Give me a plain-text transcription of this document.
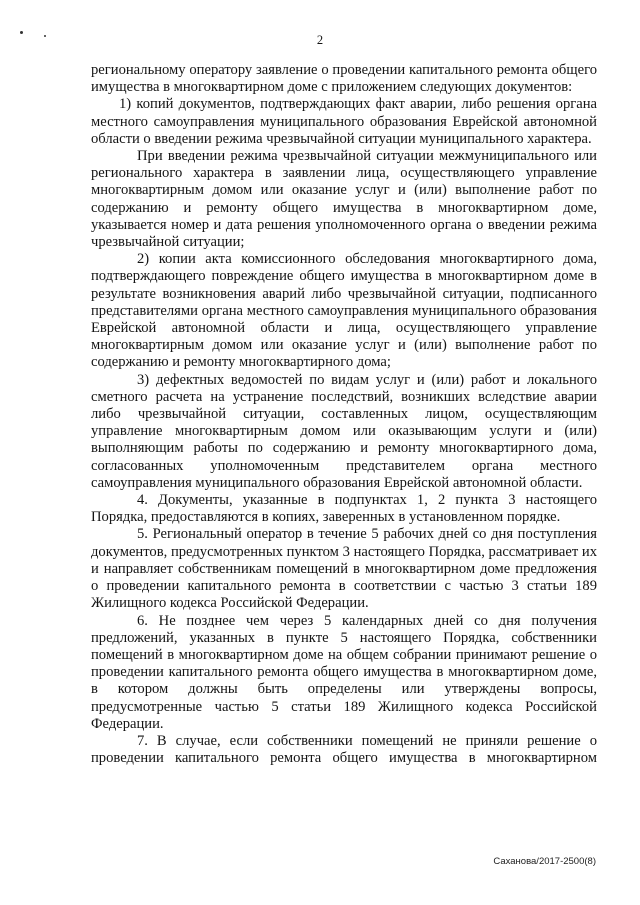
2

региональному оператору заявление о проведении капитального ремонта общего имущества в многоквартирном доме с приложением следующих документов:

1) копий документов, подтверждающих факт аварии, либо решения органа местного самоуправления муниципального образования Еврейской автономной области о введении режима чрезвычайной ситуации муниципального характера.

При введении режима чрезвычайной ситуации межмуниципального или регионального характера в заявлении лица, осуществляющего управление многоквартирным домом или оказание услуг и (или) выполнение работ по содержанию и ремонту общего имущества в многоквартирном доме, указывается номер и дата решения уполномоченного органа о введении режима чрезвычайной ситуации;

2) копии акта комиссионного обследования многоквартирного дома, подтверждающего повреждение общего имущества в многоквартирном доме в результате возникновения аварий либо чрезвычайной ситуации, подписанного представителями органа местного самоуправления муниципального образования Еврейской автономной области и лица, осуществляющего управление многоквартирным домом или оказание услуг и (или) выполнение работ по содержанию и ремонту многоквартирного дома;

3) дефектных ведомостей по видам услуг и (или) работ и локального сметного расчета на устранение последствий, возникших вследствие аварии либо чрезвычайной ситуации, составленных лицом, осуществляющим управление многоквартирным домом или оказывающим услуги и (или) выполняющим работы по содержанию и ремонту многоквартирного дома, согласованных уполномоченным представителем органа местного самоуправления муниципального образования Еврейской автономной области.

4. Документы, указанные в подпунктах 1, 2 пункта 3 настоящего Порядка, предоставляются в копиях, заверенных в установленном порядке.

5. Региональный оператор в течение 5 рабочих дней со дня поступления документов, предусмотренных пунктом 3 настоящего Порядка, рассматривает их и направляет собственникам помещений в многоквартирном доме предложения о проведении капитального ремонта в соответствии с частью 3 статьи 189 Жилищного кодекса Российской Федерации.

6. Не позднее чем через 5 календарных дней со дня получения предложений, указанных в пункте 5 настоящего Порядка, собственники помещений в многоквартирном доме на общем собрании принимают решение о проведении капитального ремонта общего имущества в многоквартирном доме, в котором должны быть определены или утверждены вопросы, предусмотренные частью 5 статьи 189 Жилищного кодекса Российской Федерации.

7. В случае, если собственники помещений не приняли решение о проведении капитального ремонта общего имущества в многоквартирном

Саханова/2017-2500(8)
